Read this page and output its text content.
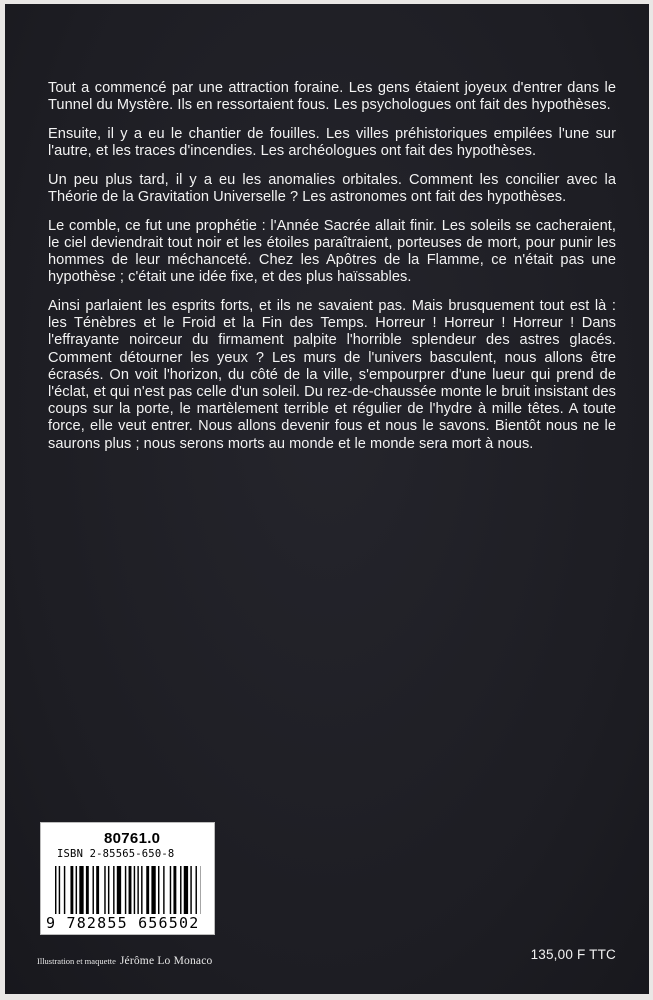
Tout a commencé par une attraction foraine. Les gens étaient joyeux d'entrer dans le Tunnel du Mystère. Ils en ressortaient fous. Les psychologues ont fait des hypothèses.

Ensuite, il y a eu le chantier de fouilles. Les villes préhistoriques empilées l'une sur l'autre, et les traces d'incendies. Les archéologues ont fait des hypothèses.

Un peu plus tard, il y a eu les anomalies orbitales. Comment les concilier avec la Théorie de la Gravitation Universelle ? Les astronomes ont fait des hypothèses.

Le comble, ce fut une prophétie : l'Année Sacrée allait finir. Les soleils se cacheraient, le ciel deviendrait tout noir et les étoiles paraîtraient, porteuses de mort, pour punir les hommes de leur méchanceté. Chez les Apôtres de la Flamme, ce n'était pas une hypothèse ; c'était une idée fixe, et des plus haïssables.

Ainsi parlaient les esprits forts, et ils ne savaient pas. Mais brusquement tout est là : les Ténèbres et le Froid et la Fin des Temps. Horreur ! Horreur ! Horreur ! Dans l'effrayante noirceur du firmament palpite l'horrible splendeur des astres glacés. Comment détourner les yeux ? Les murs de l'univers basculent, nous allons être écrasés. On voit l'horizon, du côté de la ville, s'empourprer d'une lueur qui prend de l'éclat, et qui n'est pas celle d'un soleil. Du rez-de-chaussée monte le bruit insistant des coups sur la porte, le martèlement terrible et régulier de l'hydre à mille têtes. A toute force, elle veut entrer. Nous allons devenir fous et nous le savons. Bientôt nous ne le saurons plus ; nous serons morts au monde et le monde sera mort à nous.

80761.0
ISBN 2-85565-650-8
9 782855 656502
Illustration et maquette Jérôme Lo Monaco	135,00 F TTC
